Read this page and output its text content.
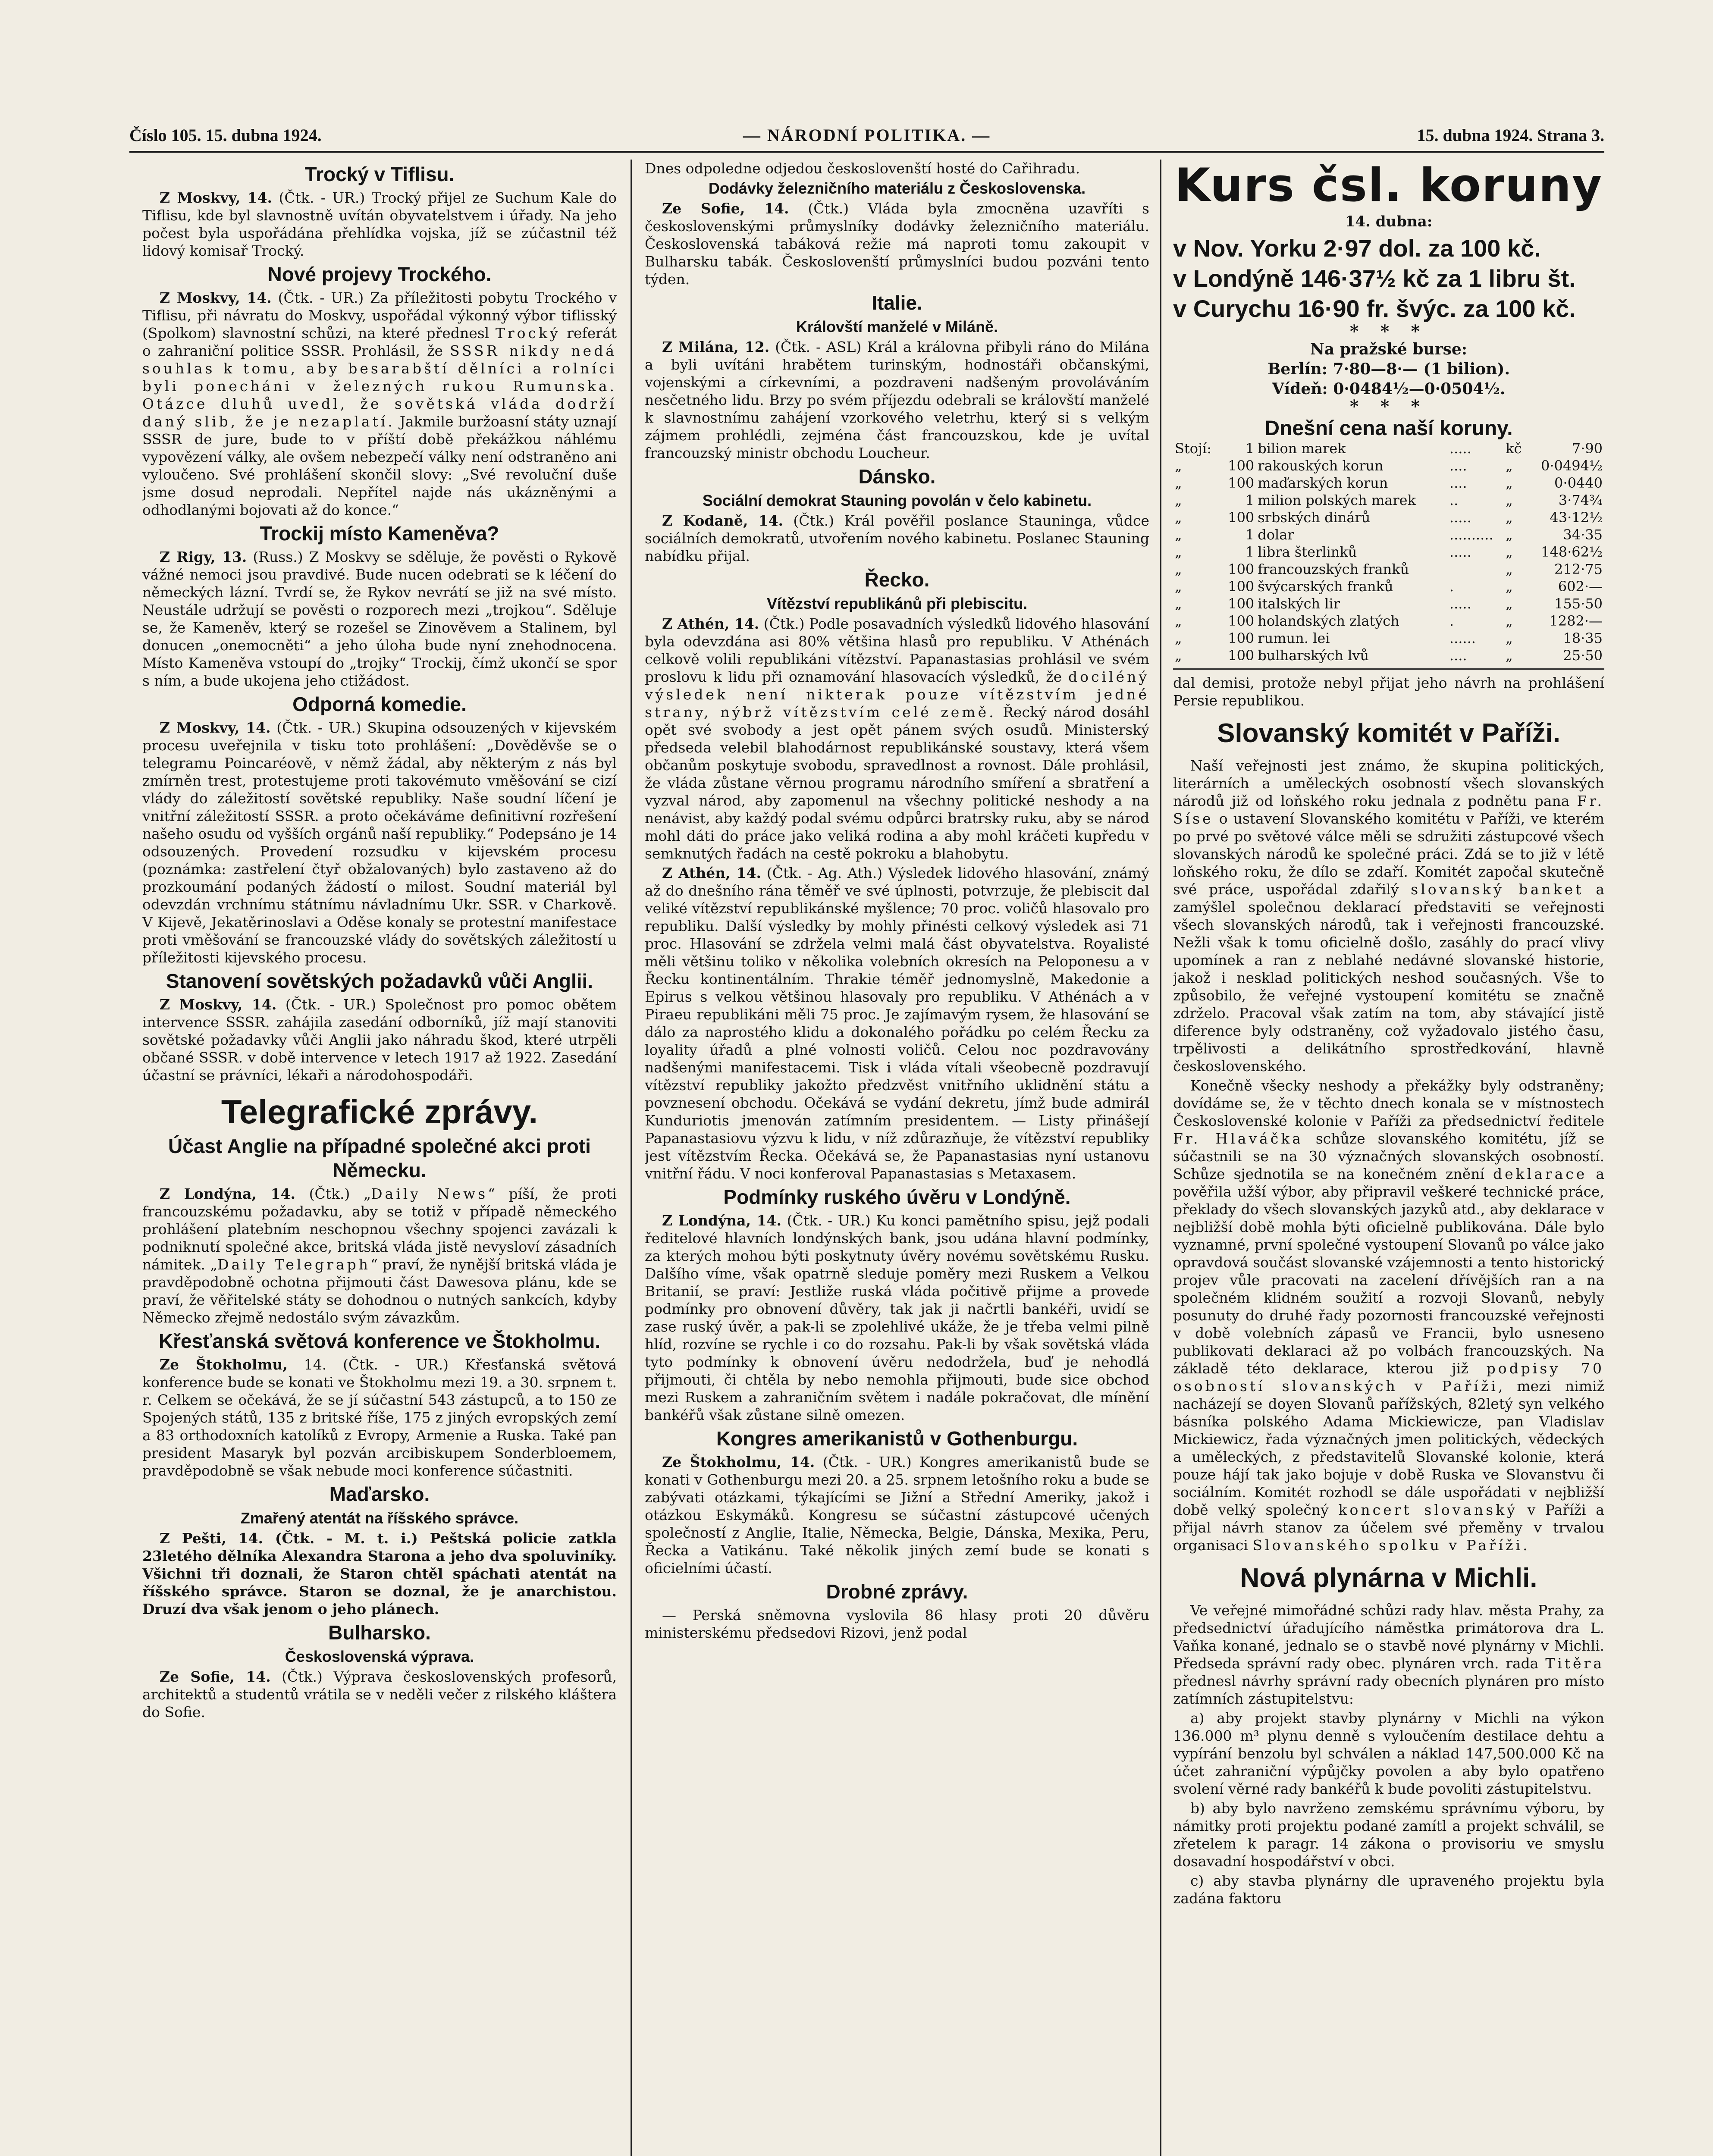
Číslo 105. 15. dubna 1924.	— NÁRODNÍ POLITIKA. —	15. dubna 1924. Strana 3.
Trocký v Tiflisu.

Z Moskvy, 14. (Čtk. - UR.) Trocký přijel ze Suchum Kale do Tiflisu, kde byl slavnostně uvítán obyvatelstvem i úřady. Na jeho počest byla uspořádána přehlídka vojska, jíž se zúčastnil též lidový komisař Trocký.

Nové projevy Trockého.

Z Moskvy, 14. (Čtk. - UR.) Za příležitosti pobytu Trockého v Tiflisu, při návratu do Moskvy, uspořádal výkonný výbor tiflisský (Spolkom) slavnostní schůzi, na které přednesl Trocký referát o zahraniční politice SSSR. Prohlásil, že SSSR nikdy nedá souhlas k tomu, aby besarabští dělníci a rolníci byli ponecháni v železných rukou Rumunska. Otázce dluhů uvedl, že sovětská vláda dodrží daný slib, že je nezaplatí. Jakmile buržoasní státy uznají SSSR de jure, bude to v příští době překážkou náhlému vypovězení války, ale ovšem nebezpečí války není odstraněno ani vyloučeno. Své prohlášení skončil slovy: „Své revoluční duše jsme dosud neprodali. Nepřítel najde nás ukázněnými a odhodlanými bojovati až do konce.“

Trockij místo Kameněva?

Z Rigy, 13. (Russ.) Z Moskvy se sděluje, že pověsti o Rykově vážné nemoci jsou pravdivé. Bude nucen odebrati se k léčení do německých lázní. Tvrdí se, že Rykov nevrátí se již na své místo. Neustále udržují se pověsti o rozporech mezi „trojkou“. Sděluje se, že Kameněv, který se rozešel se Zinověvem a Stalinem, byl donucen „onemocněti“ a jeho úloha bude nyní znehodnocena. Místo Kameněva vstoupí do „trojky“ Trockij, čímž ukončí se spor s ním, a bude ukojena jeho ctižádost.

Odporná komedie.

Z Moskvy, 14. (Čtk. - UR.) Skupina odsouzených v kijevském procesu uveřejnila v tisku toto prohlášení: „Dověděvše se o telegramu Poincaréově, v němž žádal, aby některým z nás byl zmírněn trest, protestujeme proti takovémuto vměšování se cizí vlády do záležitostí sovětské republiky. Naše soudní líčení je vnitřní záležitostí SSSR. a proto očekáváme definitivní rozřešení našeho osudu od vyšších orgánů naší republiky.“ Podepsáno je 14 odsouzených. Provedení rozsudku v kijevském procesu (poznámka: zastřelení čtyř obžalovaných) bylo zastaveno až do prozkoumání podaných žádostí o milost. Soudní materiál byl odevzdán vrchnímu státnímu návladnímu Ukr. SSR. v Charkově. V Kijevě, Jekatěrinoslavi a Oděse konaly se protestní manifestace proti vměšování se francouzské vlády do sovětských záležitostí u příležitosti kijevského procesu.

Stanovení sovětských požadavků vůči Anglii.

Z Moskvy, 14. (Čtk. - UR.) Společnost pro pomoc obětem intervence SSSR. zahájila zasedání odborníků, jíž mají stanoviti sovětské požadavky vůči Anglii jako náhradu škod, které utrpěli občané SSSR. v době intervence v letech 1917 až 1922. Zasedání účastní se právníci, lékaři a národohospodáři.

Telegrafické zprávy.
Účast Anglie na případné společné akci proti Německu.

Z Londýna, 14. (Čtk.) „Daily News“ píší, že proti francouzskému požadavku, aby se totiž v případě německého prohlášení platebním neschopnou všechny spojenci zavázali k podniknutí společné akce, britská vláda jistě nevysloví zásadních námitek. „Daily Telegraph“ praví, že nynější britská vláda je pravděpodobně ochotna přijmouti část Dawesova plánu, kde se praví, že věřitelské státy se dohodnou o nutných sankcích, kdyby Německo zřejmě nedostálo svým závazkům.

Křesťanská světová konference ve Štokholmu.

Ze Štokholmu, 14. (Čtk. - UR.) Křesťanská světová konference bude se konati ve Štokholmu mezi 19. a 30. srpnem t. r. Celkem se očekává, že se jí súčastní 543 zástupců, a to 150 ze Spojených států, 135 z britské říše, 175 z jiných evropských zemí a 83 orthodoxních katolíků z Evropy, Armenie a Ruska. Také pan president Masaryk byl pozván arcibiskupem Sonderbloemem, pravděpodobně se však nebude moci konference súčastniti.

Maďarsko.
Zmařený atentát na říšského správce.

Z Pešti, 14. (Čtk. - M. t. i.) Peštská policie zatkla 23letého dělníka Alexandra Starona a jeho dva spoluviníky. Všichni tři doznali, že Staron chtěl spáchati atentát na říšského správce. Staron se doznal, že je anarchistou. Druzí dva však jenom o jeho plánech.

Bulharsko.
Československá výprava.

Ze Sofie, 14. (Čtk.) Výprava československých profesorů, architektů a studentů vrátila se v neděli večer z rilského kláštera do Sofie.

Dnes odpoledne odjedou českoslovenští hosté do Cařihradu.

Dodávky železničního materiálu z Československa.

Ze Sofie, 14. (Čtk.) Vláda byla zmocněna uzavříti s československými průmyslníky dodávky železničního materiálu. Československá tabáková režie má naproti tomu zakoupit v Bulharsku tabák. Českoslovenští průmyslníci budou pozváni tento týden.

Italie.
Královští manželé v Miláně.

Z Milána, 12. (Čtk. - ASL) Král a královna přibyli ráno do Milána a byli uvítáni hrabětem turinským, hodnostáři občanskými, vojenskými a církevními, a pozdraveni nadšeným provoláváním nesčetného lidu. Brzy po svém příjezdu odebrali se královští manželé k slavnostnímu zahájení vzorkového veletrhu, který si s velkým zájmem prohlédli, zejména část francouzskou, kde je uvítal francouzský ministr obchodu Loucheur.

Dánsko.
Sociální demokrat Stauning povolán v čelo kabinetu.

Z Kodaně, 14. (Čtk.) Král pověřil poslance Stauninga, vůdce sociálních demokratů, utvořením nového kabinetu. Poslanec Stauning nabídku přijal.

Řecko.
Vítězství republikánů při plebiscitu.

Z Athén, 14. (Čtk.) Podle posavadních výsledků lidového hlasování byla odevzdána asi 80% většina hlasů pro republiku. V Athénách celkově volili republikáni vítězství. Papanastasias prohlásil ve svém proslovu k lidu při oznamování hlasovacích výsledků, že dociléný výsledek není nikterak pouze vítězstvím jedné strany, nýbrž vítězstvím celé země. Řecký národ dosáhl opět své svobody a jest opět pánem svých osudů. Ministerský předseda velebil blahodárnost republikánské soustavy, která všem občanům poskytuje svobodu, spravedlnost a rovnost. Dále prohlásil, že vláda zůstane věrnou programu národního smíření a sbratření a vyzval národ, aby zapomenul na všechny politické neshody a na nenávist, aby každý podal svému odpůrci bratrsky ruku, aby se národ mohl dáti do práce jako veliká rodina a aby mohl kráčeti kupředu v semknutých řadách na cestě pokroku a blahobytu.

Z Athén, 14. (Čtk. - Ag. Ath.) Výsledek lidového hlasování, známý až do dnešního rána těměř ve své úplnosti, potvrzuje, že plebiscit dal veliké vítězství republikánské myšlence; 70 proc. voličů hlasovalo pro republiku. Další výsledky by mohly přinésti celkový výsledek asi 71 proc. Hlasování se zdržela velmi malá část obyvatelstva. Royalisté měli většinu toliko v několika volebních okresích na Peloponesu a v Řecku kontinentálním. Thrakie téměř jednomyslně, Makedonie a Epirus s velkou většinou hlasovaly pro republiku. V Athénách a v Piraeu republikáni měli 75 proc. Je zajímavým rysem, že hlasování se dálo za naprostého klidu a dokonalého pořádku po celém Řecku za loyality úřadů a plné volnosti voličů. Celou noc pozdravovány nadšenými manifestacemi. Tisk i vláda vítali všeobecně pozdravují vítězství republiky jakožto předzvěst vnitřního uklidnění státu a povznesení obchodu. Očekává se vydání dekretu, jímž bude admirál Kunduriotis jmenován zatímním presidentem. — Listy přinášejí Papanastasiovu výzvu k lidu, v níž zdůrazňuje, že vítězství republiky jest vítězstvím Řecka. Očekává se, že Papanastasias nyní ustanovu vnitřní řádu. V noci konferoval Papanastasias s Metaxasem.

Podmínky ruského úvěru v Londýně.

Z Londýna, 14. (Čtk. - UR.) Ku konci pamětního spisu, jejž podali ředitelové hlavních londýnských bank, jsou udána hlavní podmínky, za kterých mohou býti poskytnuty úvěry novému sovětskému Rusku. Dalšího víme, však opatrně sleduje poměry mezi Ruskem a Velkou Britanií, se praví: Jestliže ruská vláda počitivě přijme a provede podmínky pro obnovení důvěry, tak jak ji načrtli bankéři, uvidí se zase ruský úvěr, a pak-li se zpolehlivé ukáže, že je třeba velmi pilně hlíd, rozvíne se rychle i co do rozsahu. Pak-li by však sovětská vláda tyto podmínky k obnovení úvěru nedodržela, buď je nehodlá přijmouti, či chtěla by nebo nemohla přijmouti, bude sice obchod mezi Ruskem a zahraničním světem i nadále pokračovat, dle mínění bankéřů však zůstane silně omezen.

Kongres amerikanistů v Gothenburgu.

Ze Štokholmu, 14. (Čtk. - UR.) Kongres amerikanistů bude se konati v Gothenburgu mezi 20. a 25. srpnem letošního roku a bude se zabývati otázkami, týkajícími se Jižní a Střední Ameriky, jakož i otázkou Eskymáků. Kongresu se súčastní zástupcové učených společností z Anglie, Italie, Německa, Belgie, Dánska, Mexika, Peru, Řecka a Vatikánu. Také několik jiných zemí bude se konati s oficielními účastí.

Drobné zprávy.

— Perská sněmovna vyslovila 86 hlasy proti 20 důvěru ministerskému předsedovi Rizovi, jenž podal

Kurs čsl. koruny
14. dubna:
v Nov. Yorku 2·97 dol. za 100 kč.
v Londýně 146·37½ kč za 1 libru št.
v Curychu 16·90 fr. švýc. za 100 kč.
* * *
Na pražské burse:
Berlín: 7·80—8·— (1 bilion).
Vídeň: 0·0484½—0·0504½.
* * *
Dnešní cena naší koruny.
Stojí:	1	bilion marek	.....	kč	7·90
„	100	rakouských korun	....	„	0·0494½
„	100	maďarských korun	....	„	0·0440
„	1	milion polských marek	..	„	3·74¾
„	100	srbských dinárů	.....	„	43·12½
„	1	dolar	..........	„	34·35
„	1	libra šterlinků	.....	„	148·62½
„	100	francouzských franků		„	212·75
„	100	švýcarských franků	.	„	602·—
„	100	italských lir	.....	„	155·50
„	100	holandských zlatých	.	„	1282·—
„	100	rumun. lei	......	„	18·35
„	100	bulharských lvů	....	„	25·50

dal demisi, protože nebyl přijat jeho návrh na prohlášení Persie republikou.

Slovanský komitét v Paříži.

Naší veřejnosti jest známo, že skupina politických, literárních a uměleckých osobností všech slovanských národů již od loňského roku jednala z podnětu pana Fr. Síse o ustavení Slovanského komitétu v Paříži, ve kterém po prvé po světové válce měli se sdružiti zástupcové všech slovanských národů ke společné práci. Zdá se to již v létě loňského roku, že dílo se zdaří. Komitét započal skutečně své práce, uspořádal zdařilý slovanský banket a zamýšlel společnou deklarací představiti se veřejnosti všech slovanských národů, tak i veřejnosti francouzské. Nežli však k tomu oficielně došlo, zasáhly do prací vlivy upomínek a ran z neblahé nedávné slovanské historie, jakož i nesklad politických neshod současných. Vše to způsobilo, že veřejné vystoupení komitétu se značně zdrželo. Pracoval však zatím na tom, aby stávající jistě diference byly odstraněny, což vyžadovalo jistého času, trpělivosti a delikátního sprostředkování, hlavně československého.

Konečně všecky neshody a překážky byly odstraněny; dovídáme se, že v těchto dnech konala se v místnostech Československé kolonie v Paříži za předsednictví ředitele Fr. Hlaváčka schůze slovanského komitétu, jíž se súčastnili se na 30 význačných slovanských osobností. Schůze sjednotila se na konečném znění deklarace a pověřila užší výbor, aby připravil veškeré technické práce, překlady do všech slovanských jazyků atd., aby deklarace v nejbližší době mohla býti oficielně publikována. Dále bylo vyznamné, první společné vystoupení Slovanů po válce jako opravdová součást slovanské vzájemnosti a tento historický projev vůle pracovati na zacelení dřívějších ran a na společném klidném soužití a rozvoji Slovanů, nebyly posunuty do druhé řady pozornosti francouzské veřejnosti v době volebních zápasů ve Francii, bylo usneseno publikovati deklaraci až po volbách francouzských. Na základě této deklarace, kterou již podpisy 70 osobností slovanských v Paříži, mezi nimiž nacházejí se doyen Slovanů pařížských, 82letý syn velkého básníka polského Adama Mickiewicze, pan Vladislav Mickiewicz, řada význačných jmen politických, vědeckých a uměleckých, z představitelů Slovanské kolonie, která pouze hájí tak jako bojuje v době Ruska ve Slovanstvu či sociálním. Komitét rozhodl se dále uspořádati v nejbližší době velký společný koncert slovanský v Paříži a přijal návrh stanov za účelem své přeměny v trvalou organisaci Slovanského spolku v Paříži.

Nová plynárna v Michli.

Ve veřejné mimořádné schůzi rady hlav. města Prahy, za předsednictví úřadujícího náměstka primátorova dra L. Vaňka konané, jednalo se o stavbě nové plynárny v Michli. Předseda správní rady obec. plynáren vrch. rada Titěra přednesl návrhy správní rady obecních plynáren pro místo zatímních zástupitelstvu:

a) aby projekt stavby plynárny v Michli na výkon 136.000 m³ plynu denně s vyloučením destilace dehtu a vypírání benzolu byl schválen a náklad 147,500.000 Kč na účet zahraniční výpůjčky povolen a aby bylo opatřeno svolení věrné rady bankéřů k bude povoliti zástupitelstvu.

b) aby bylo navrženo zemskému správnímu výboru, by námitky proti projektu podané zamítl a projekt schválil, se zřetelem k paragr. 14 zákona o provisoriu ve smyslu dosavadní hospodářství v obci.

c) aby stavba plynárny dle upraveného projektu byla zadána faktoru
